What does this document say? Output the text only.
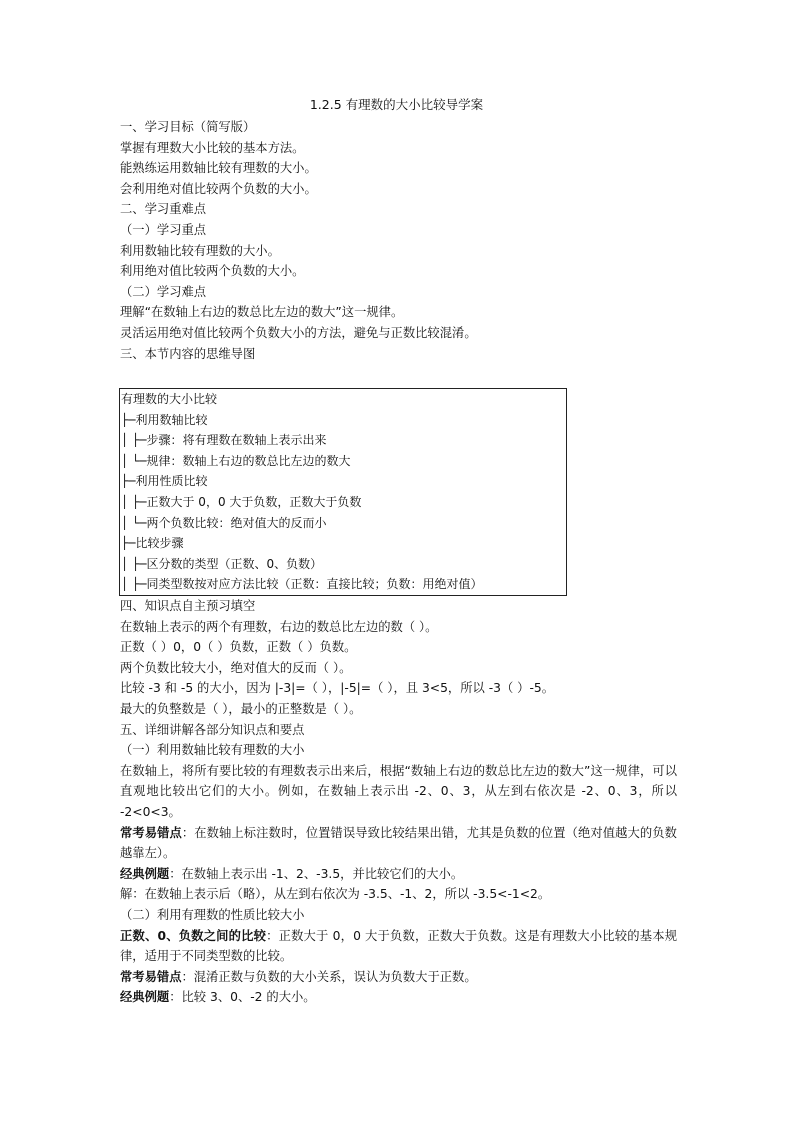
1.2.5 有理数的大小比较导学案
一、学习目标（简写版）
掌握有理数大小比较的基本方法。
能熟练运用数轴比较有理数的大小。
会利用绝对值比较两个负数的大小。
二、学习重难点
（一）学习重点
利用数轴比较有理数的大小。
利用绝对值比较两个负数的大小。
（二）学习难点
理解“在数轴上右边的数总比左边的数大”这一规律。
灵活运用绝对值比较两个负数大小的方法，避免与正数比较混淆。
三、本节内容的思维导图
有理数的大小比较
├─利用数轴比较
│ ├─步骤：将有理数在数轴上表示出来
│ └─规律：数轴上右边的数总比左边的数大
├─利用性质比较
│ ├─正数大于 0，0 大于负数，正数大于负数
│ └─两个负数比较：绝对值大的反而小
├─比较步骤
│ ├─区分数的类型（正数、0、负数）
│ ├─同类型数按对应方法比较（正数：直接比较；负数：用绝对值）
四、知识点自主预习填空
在数轴上表示的两个有理数，右边的数总比左边的数（ ）。
正数（ ）0，0（ ）负数，正数（ ）负数。
两个负数比较大小，绝对值大的反而（ ）。
比较 -3 和 -5 的大小，因为 |-3|=（ ），|-5|=（ ），且 3<5，所以 -3（ ）-5。
最大的负整数是（ ），最小的正整数是（ ）。
五、详细讲解各部分知识点和要点
（一）利用数轴比较有理数的大小
在数轴上，将所有要比较的有理数表示出来后，根据“数轴上右边的数总比左边的数大”这一规律，可以直观地比较出它们的大小。例如，在数轴上表示出 -2、0、3，从左到右依次是 -2、0、3，所以 -2<0<3。
常考易错点：在数轴上标注数时，位置错误导致比较结果出错，尤其是负数的位置（绝对值越大的负数越靠左）。
经典例题：在数轴上表示出 -1、2、-3.5，并比较它们的大小。
解：在数轴上表示后（略），从左到右依次为 -3.5、-1、2，所以 -3.5<-1<2。
（二）利用有理数的性质比较大小
正数、0、负数之间的比较：正数大于 0，0 大于负数，正数大于负数。这是有理数大小比较的基本规律，适用于不同类型数的比较。
常考易错点：混淆正数与负数的大小关系，误认为负数大于正数。
经典例题：比较 3、0、-2 的大小。
